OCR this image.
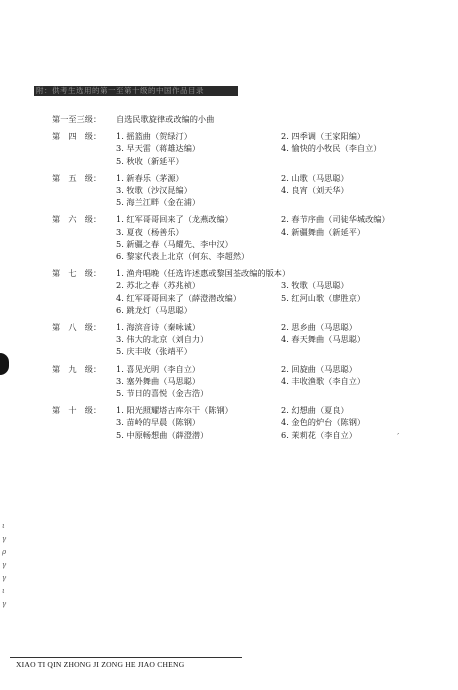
附：供考生选用的第一至第十级的中国作品目录
第一至三级：	自选民歌旋律或改编的小曲
第　四　级：	1. 摇篮曲（贺绿汀）	2. 四季调（王家阳编）
3. 早天雷（蒋雄达编）	4. 愉快的小牧民（李自立）
5. 秋收（新延平）
第　五　级：	1. 新春乐（茅源）	2. 山歌（马思聪）
3. 牧歌（沙汉昆编）	4. 良宵（刘天华）
5. 海兰江畔（金在浦）
第　六　级：	1. 红军哥哥回来了（龙燕改编）	2. 春节序曲（司徒华城改编）
3. 夏夜（杨善乐）	4. 新疆舞曲（新延平）
5. 新疆之春（马耀先、李中汉）
6. 黎家代表上北京（何东、李超然）
第　七　级：	1. 渔舟唱晚（任选许述惠或黎国荃改编的版本）
2. 苏北之春（苏兆祯）	3. 牧歌（马思聪）
4. 红军哥哥回来了（薛澄潜改编）	5. 红河山歌（廖胜京）
6. 跳龙灯（马思聪）
第　八　级：	1. 海滨音诗（秦咏诚）	2. 思乡曲（马思聪）
3. 伟大的北京（刘自力）	4. 春天舞曲（马思聪）
5. 庆丰收（张靖平）
第　九　级：	1. 喜见光明（李自立）	2. 回旋曲（马思聪）
3. 塞外舞曲（马思聪）	4. 丰收渔歌（李自立）
5. 节日的喜悦（金吉浩）
第　十　级：	1. 阳光照耀塔古库尔干（陈钢）	2. 幻想曲（夏良）
3. 苗岭的早晨（陈钢）	4. 金色的炉台（陈钢）
5. 中原畅想曲（薛澄潜）	6. 茉莉花（李自立）	ˊ
ι
γ
ρ
γ
γ
ι
γ
XIAO TI QIN ZHONG JI ZONG HE JIAO CHENG
